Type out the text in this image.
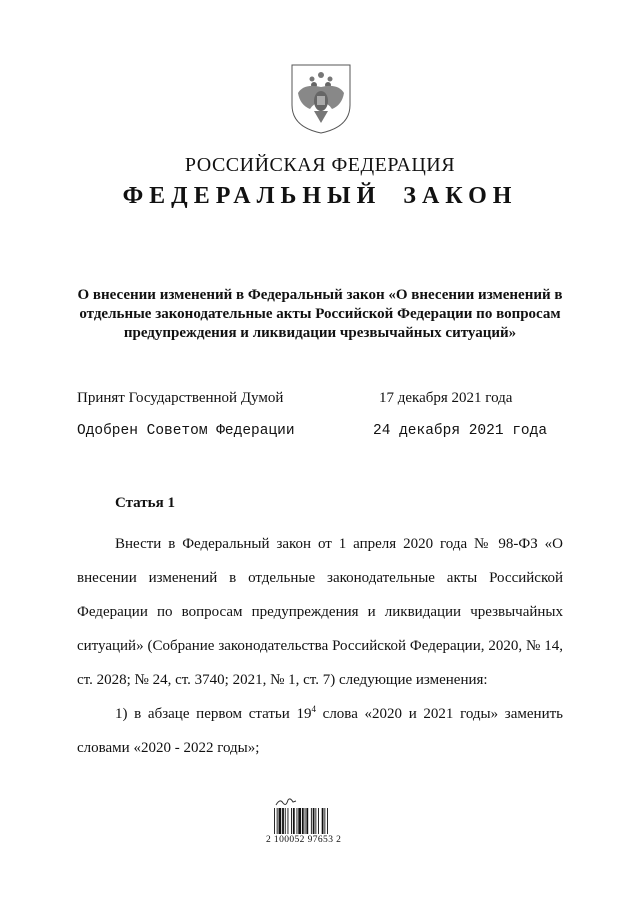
РОССИЙСКАЯ ФЕДЕРАЦИЯ
ФЕДЕРАЛЬНЫЙ ЗАКОН
О внесении изменений в Федеральный закон «О внесении изменений в отдельные законодательные акты Российской Федерации по вопросам предупреждения и ликвидации чрезвычайных ситуаций»
Принят Государственной Думой	17 декабря 2021 года
Одобрен Советом Федерации	24 декабря 2021 года
Статья 1

Внести в Федеральный закон от 1 апреля 2020 года № 98-ФЗ «О внесении изменений в отдельные законодательные акты Российской Федерации по вопросам предупреждения и ликвидации чрезвычайных ситуаций» (Собрание законодательства Российской Федерации, 2020, № 14, ст. 2028; № 24, ст. 3740; 2021, № 1, ст. 7) следующие изменения:

1) в абзаце первом статьи $19^4$ слова «2020 и 2021 годы» заменить словами «2020 - 2022 годы»;

2 100052 97653 2
